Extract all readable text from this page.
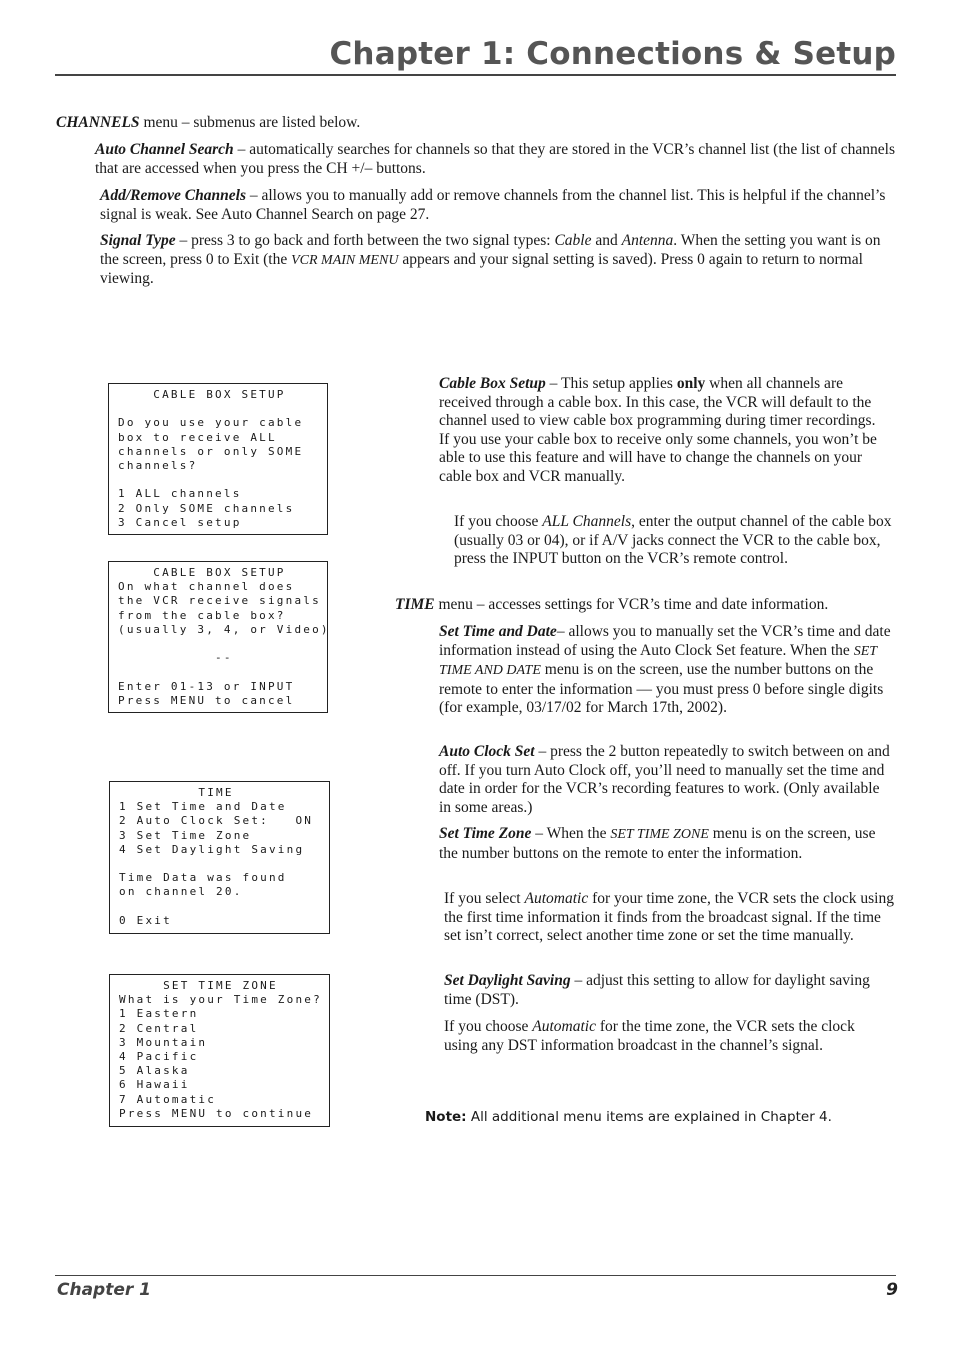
Chapter 1: Connections & Setup

CHANNELS menu – submenus are listed below.

Auto Channel Search – automatically searches for channels so that they are stored in the VCR’s channel list (the list of channels that are accessed when you press the CH +/– buttons.

Add/Remove Channels – allows you to manually add or remove channels from the channel list. This is helpful if the channel’s signal is weak. See Auto Channel Search on page 27.

Signal Type – press 3 to go back and forth between the two signal types: Cable and Antenna. When the setting you want is on the screen, press 0 to Exit (the VCR MAIN MENU appears and your signal setting is saved). Press 0 again to return to normal viewing.

CABLE BOX SETUP

Do you use your cable
box to receive ALL
channels or only SOME
channels?

1 ALL channels
2 Only SOME channels
3 Cancel setup
CABLE BOX SETUP
On what channel does
the VCR receive signals
from the cable box?
(usually 3, 4, or Video)

--

Enter 01-13 or INPUT
Press MENU to cancel
TIME
1 Set Time and Date
2 Auto Clock Set:   ON
3 Set Time Zone
4 Set Daylight Saving

Time Data was found
on channel 20.

0 Exit
SET TIME ZONE
What is your Time Zone?
1 Eastern
2 Central
3 Mountain
4 Pacific
5 Alaska
6 Hawaii
7 Automatic
Press MENU to continue

Cable Box Setup – This setup applies only when all channels are received through a cable box. In this case, the VCR will default to the channel used to view cable box programming during timer recordings. If you use your cable box to receive only some channels, you won’t be able to use this feature and will have to change the channels on your cable box and VCR manually.

If you choose ALL Channels, enter the output channel of the cable box (usually 03 or 04), or if A/V jacks connect the VCR to the cable box, press the INPUT button on the VCR’s remote control.

TIME menu – accesses settings for VCR’s time and date information.

Set Time and Date– allows you to manually set the VCR’s time and date information instead of using the Auto Clock Set feature. When the SET TIME AND DATE menu is on the screen, use the number buttons on the remote to enter the information — you must press 0 before single digits (for example, 03/17/02 for March 17th, 2002).

Auto Clock Set – press the 2 button repeatedly to switch between on and off. If you turn Auto Clock off, you’ll need to manually set the time and date in order for the VCR’s recording features to work. (Only available in some areas.)

Set Time Zone – When the SET TIME ZONE menu is on the screen, use the number buttons on the remote to enter the information.

If you select Automatic for your time zone, the VCR sets the clock using the first time information it finds from the broadcast signal. If the time set isn’t correct, select another time zone or set the time manually.

Set Daylight Saving – adjust this setting to allow for daylight saving time (DST).

If you choose Automatic for the time zone, the VCR sets the clock using any DST information broadcast in the channel’s signal.

Note: All additional menu items are explained in Chapter 4.
Chapter 1	9
